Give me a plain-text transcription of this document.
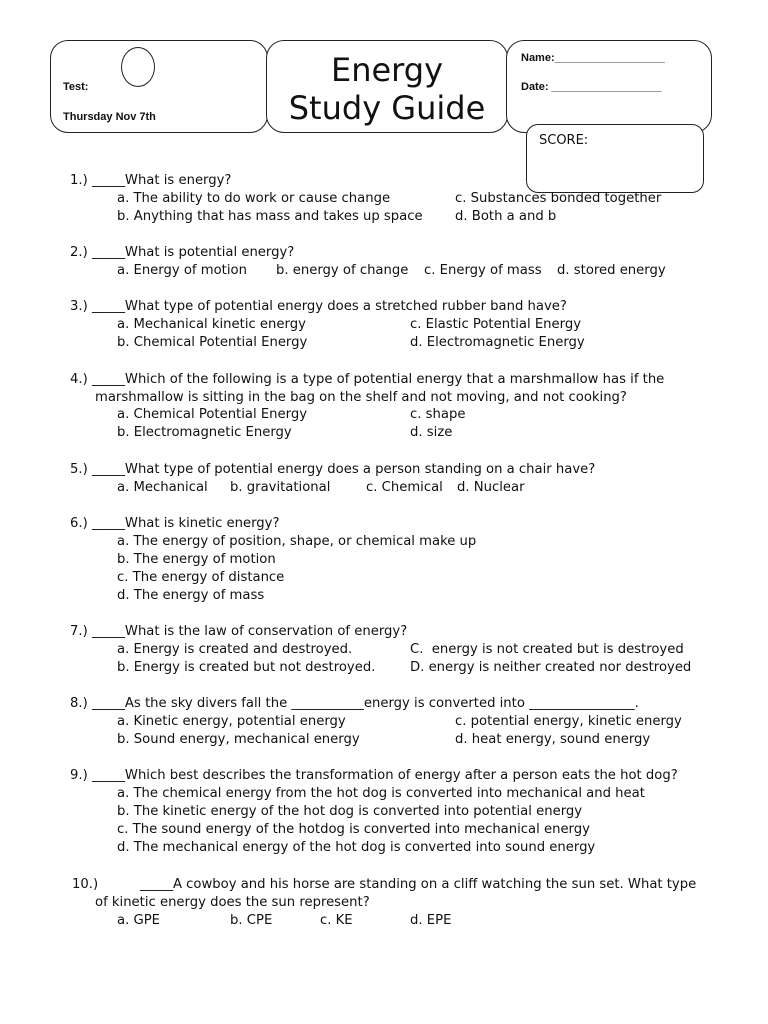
Test:
Thursday Nov 7th
Energy
Study Guide
Name:__________________
Date: __________________
SCORE:
1.) _____What is energy?
a. The ability to do work or cause change	c. Substances bonded together
b. Anything that has mass and takes up space d. Both a and b
2.) _____What is potential energy?
a. Energy of motion b. energy of change c. Energy of mass d. stored energy
3.) _____What type of potential energy does a stretched rubber band have?
a. Mechanical kinetic energy	c. Elastic Potential Energy
b. Chemical Potential Energy	d. Electromagnetic Energy
4.) _____Which of the following is a type of potential energy that a marshmallow has if the
marshmallow is sitting in the bag on the shelf and not moving, and not cooking?
a. Chemical Potential Energy	c. shape
b. Electromagnetic Energy	d. size
5.) _____What type of potential energy does a person standing on a chair have?
a. Mechanical b. gravitational	c. Chemical d. Nuclear
6.) _____What is kinetic energy?
a. The energy of position, shape, or chemical make up
b. The energy of motion
c. The energy of distance
d. The energy of mass
7.) _____What is the law of conservation of energy?
a. Energy is created and destroyed.	C. energy is not created but is destroyed
b. Energy is created but not destroyed.	D. energy is neither created nor destroyed
8.) _____As the sky divers fall the ___________energy is converted into ________________.
a. Kinetic energy, potential energy	c. potential energy, kinetic energy
b. Sound energy, mechanical energy	d. heat energy, sound energy
9.) _____Which best describes the transformation of energy after a person eats the hot dog?
a. The chemical energy from the hot dog is converted into mechanical and heat
b. The kinetic energy of the hot dog is converted into potential energy
c. The sound energy of the hotdog is converted into mechanical energy
d. The mechanical energy of the hot dog is converted into sound energy
10.)	_____A cowboy and his horse are standing on a cliff watching the sun set. What type
of kinetic energy does the sun represent?
a. GPE	b. CPE	c. KE	d. EPE
